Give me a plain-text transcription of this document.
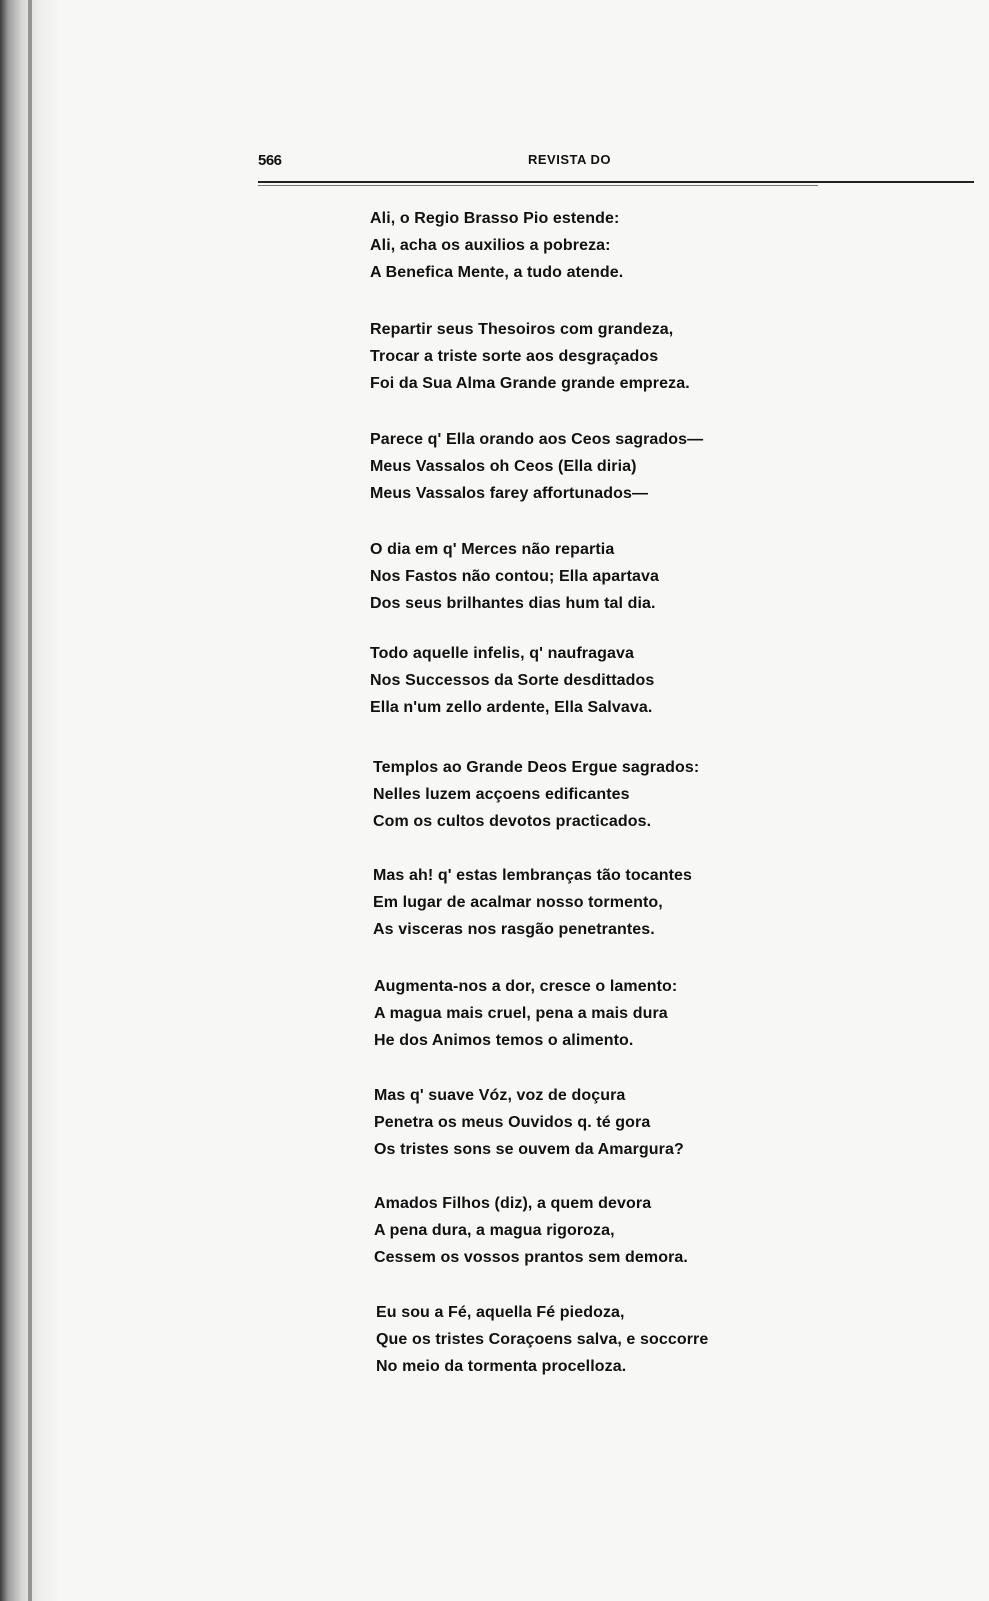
566	REVISTA DO
Ali, o Regio Brasso Pio estende:
Ali, acha os auxilios a pobreza:
A Benefica Mente, a tudo atende.
Repartir seus Thesoiros com grandeza,
Trocar a triste sorte aos desgraçados
Foi da Sua Alma Grande grande empreza.
Parece q' Ella orando aos Ceos sagrados—
Meus Vassalos oh Ceos (Ella diria)
Meus Vassalos farey affortunados—
O dia em q' Merces não repartia
Nos Fastos não contou; Ella apartava
Dos seus brilhantes dias hum tal dia.
Todo aquelle infelis, q' naufragava
Nos Successos da Sorte desdittados
Ella n'um zello ardente, Ella Salvava.
Templos ao Grande Deos Ergue sagrados:
Nelles luzem acçoens edificantes
Com os cultos devotos practicados.
Mas ah! q' estas lembranças tão tocantes
Em lugar de acalmar nosso tormento,
As visceras nos rasgão penetrantes.
Augmenta-nos a dor, cresce o lamento:
A magua mais cruel, pena a mais dura
He dos Animos temos o alimento.
Mas q' suave Vóz, voz de doçura
Penetra os meus Ouvidos q. té gora
Os tristes sons se ouvem da Amargura?
Amados Filhos (diz), a quem devora
A pena dura, a magua rigoroza,
Cessem os vossos prantos sem demora.
Eu sou a Fé, aquella Fé piedoza,
Que os tristes Coraçoens salva, e soccorre
No meio da tormenta procelloza.
